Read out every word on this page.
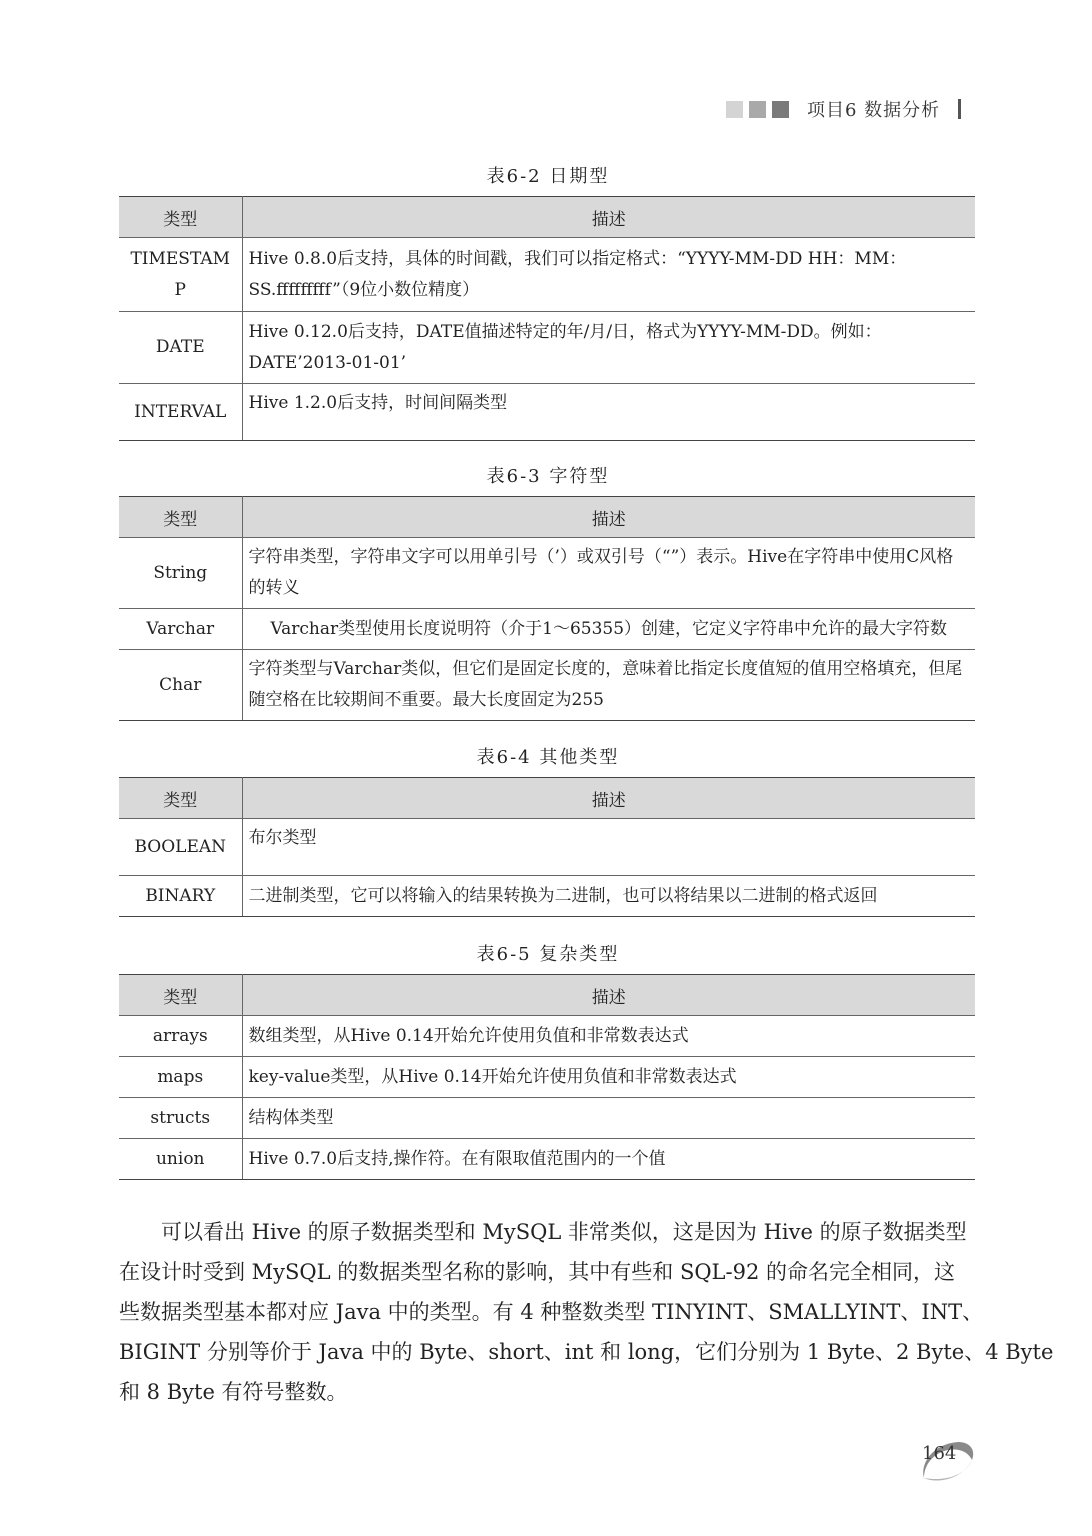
项目6 数据分析
表6-2 日期型
类型	描述
TIMESTAMP	Hive 0.8.0后支持，具体的时间戳，我们可以指定格式：“YYYY-MM-DD HH：MM：SS.fffffffff”（9位小数位精度）
DATE	Hive 0.12.0后支持，DATE值描述特定的年/月/日，格式为YYYY-MM-DD。例如：DATE’2013-01-01’
INTERVAL	Hive 1.2.0后支持，时间间隔类型
表6-3 字符型
类型	描述
String	字符串类型，字符串文字可以用单引号（’）或双引号（“”）表示。Hive在字符串中使用C风格的转义
Varchar	Varchar类型使用长度说明符（介于1～65355）创建，它定义字符串中允许的最大字符数
Char	字符类型与Varchar类似，但它们是固定长度的，意味着比指定长度值短的值用空格填充，但尾随空格在比较期间不重要。最大长度固定为255
表6-4 其他类型
类型	描述
BOOLEAN	布尔类型
BINARY	二进制类型，它可以将输入的结果转换为二进制，也可以将结果以二进制的格式返回
表6-5 复杂类型
类型	描述
arrays	数组类型，从Hive 0.14开始允许使用负值和非常数表达式
maps	key-value类型，从Hive 0.14开始允许使用负值和非常数表达式
structs	结构体类型
union	Hive 0.7.0后支持,操作符。在有限取值范围内的一个值
　　可以看出 Hive 的原子数据类型和 MySQL 非常类似，这是因为 Hive 的原子数据类型
在设计时受到 MySQL 的数据类型名称的影响，其中有些和 SQL-92 的命名完全相同，这
些数据类型基本都对应 Java 中的类型。有 4 种整数类型 TINYINT、SMALLYINT、INT、
BIGINT 分别等价于 Java 中的 Byte、short、int 和 long，它们分别为 1 Byte、2 Byte、4 Byte
和 8 Byte 有符号整数。
164
